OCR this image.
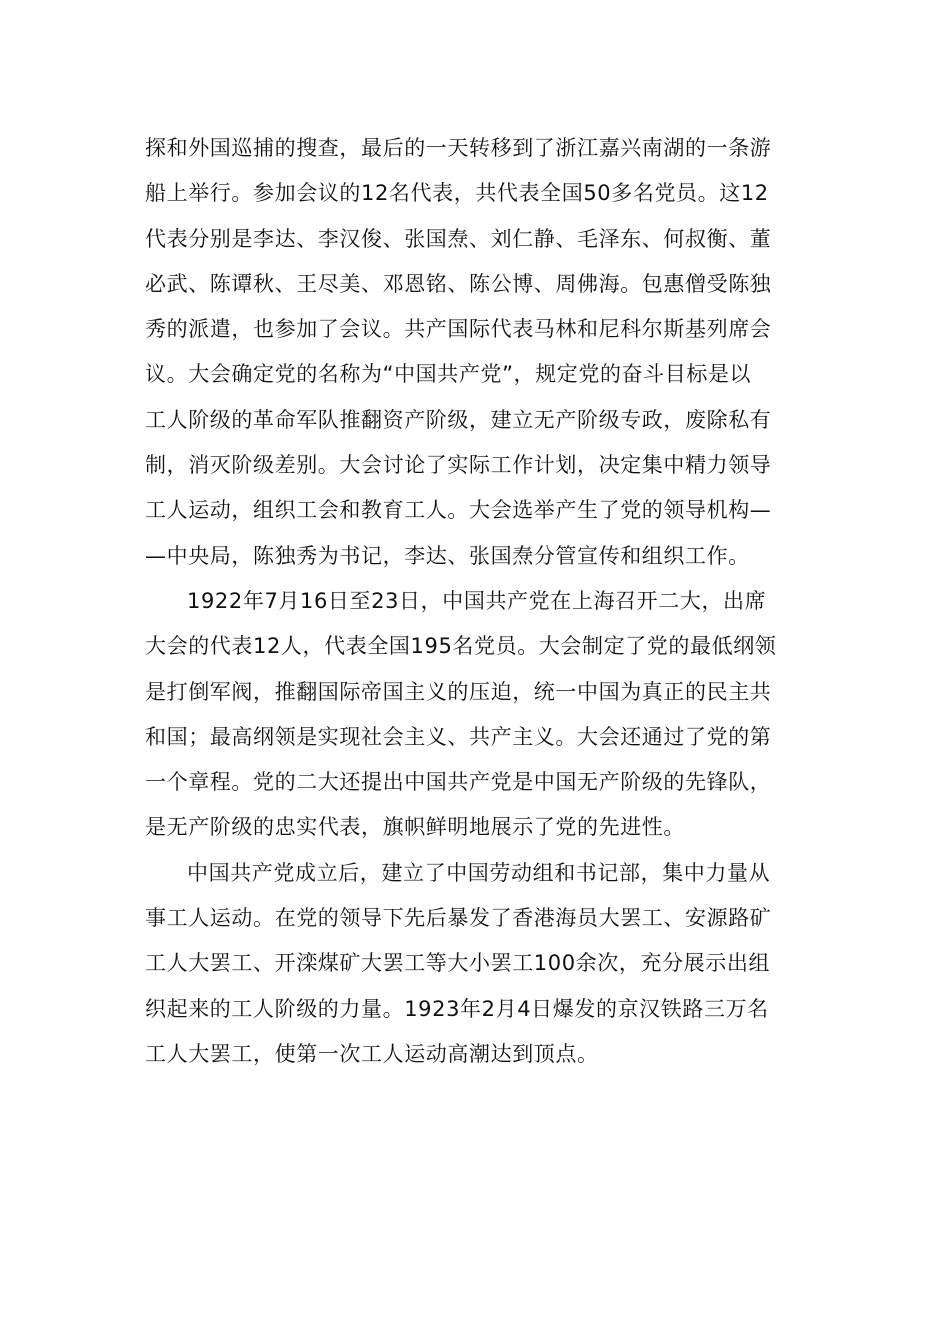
探和外国巡捕的搜查，最后的一天转移到了浙江嘉兴南湖的一条游
船上举行。参加会议的12名代表，共代表全国50多名党员。这12
代表分别是李达、李汉俊、张国焘、刘仁静、毛泽东、何叔衡、董
必武、陈谭秋、王尽美、邓恩铭、陈公博、周佛海。包惠僧受陈独
秀的派遣，也参加了会议。共产国际代表马林和尼科尔斯基列席会
议。大会确定党的名称为“中国共产党”，规定党的奋斗目标是以
工人阶级的革命军队推翻资产阶级，建立无产阶级专政，废除私有
制，消灭阶级差别。大会讨论了实际工作计划，决定集中精力领导
工人运动，组织工会和教育工人。大会选举产生了党的领导机构—
—中央局，陈独秀为书记，李达、张国焘分管宣传和组织工作。
1922年7月16日至23日，中国共产党在上海召开二大，出席
大会的代表12人，代表全国195名党员。大会制定了党的最低纲领
是打倒军阀，推翻国际帝国主义的压迫，统一中国为真正的民主共
和国；最高纲领是实现社会主义、共产主义。大会还通过了党的第
一个章程。党的二大还提出中国共产党是中国无产阶级的先锋队，
是无产阶级的忠实代表，旗帜鲜明地展示了党的先进性。
中国共产党成立后，建立了中国劳动组和书记部，集中力量从
事工人运动。在党的领导下先后暴发了香港海员大罢工、安源路矿
工人大罢工、开滦煤矿大罢工等大小罢工100余次，充分展示出组
织起来的工人阶级的力量。1923年2月4日爆发的京汉铁路三万名
工人大罢工，使第一次工人运动高潮达到顶点。
